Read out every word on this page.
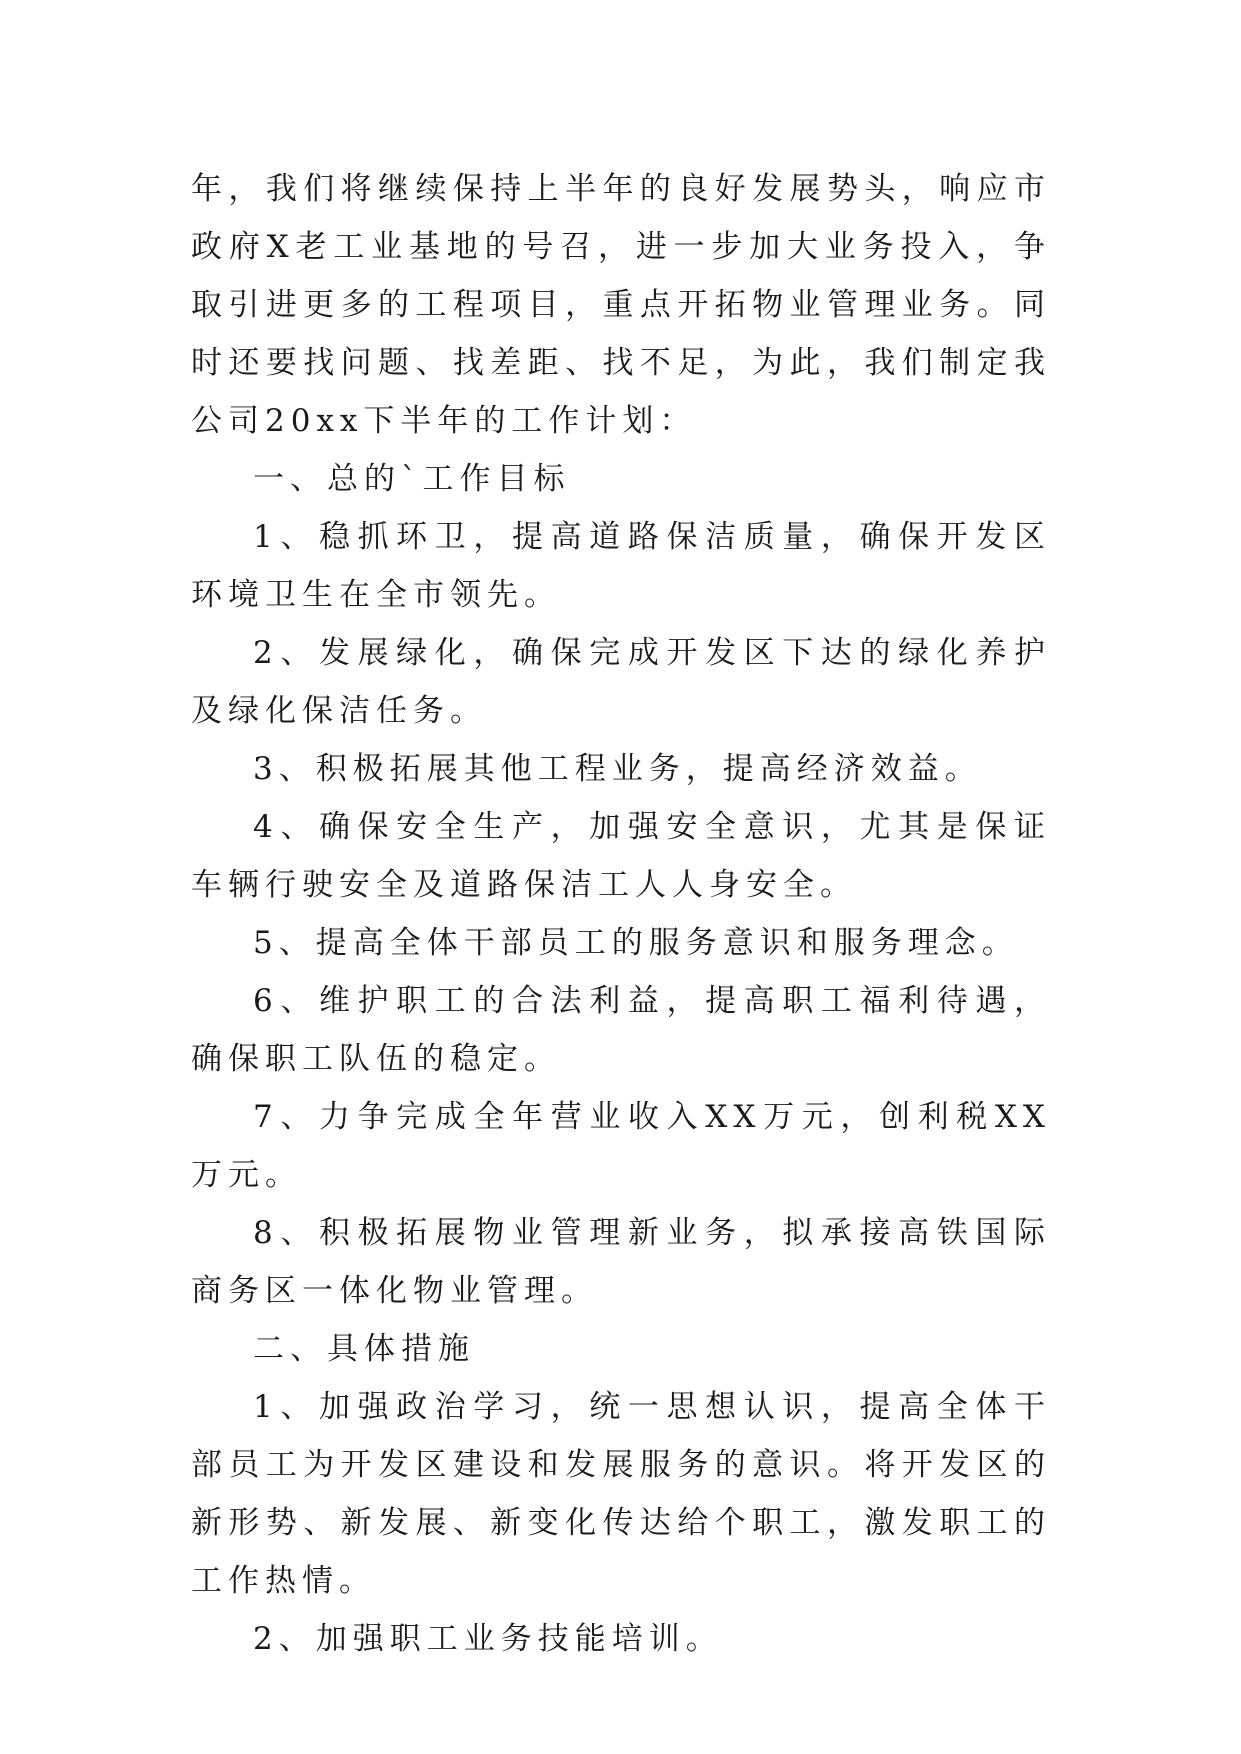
年，我们将继续保持上半年的良好发展势头，响应市政府X老工业基地的号召，进一步加大业务投入，争取引进更多的工程项目，重点开拓物业管理业务。同时还要找问题、找差距、找不足，为此，我们制定我公司20xx下半年的工作计划：

一、总的`工作目标

1、稳抓环卫，提高道路保洁质量，确保开发区环境卫生在全市领先。

2、发展绿化，确保完成开发区下达的绿化养护及绿化保洁任务。

3、积极拓展其他工程业务，提高经济效益。

4、确保安全生产，加强安全意识，尤其是保证车辆行驶安全及道路保洁工人人身安全。

5、提高全体干部员工的服务意识和服务理念。

6、维护职工的合法利益，提高职工福利待遇，确保职工队伍的稳定。

7、力争完成全年营业收入XX万元，创利税XX万元。

8、积极拓展物业管理新业务，拟承接高铁国际商务区一体化物业管理。

二、具体措施

1、加强政治学习，统一思想认识，提高全体干部员工为开发区建设和发展服务的意识。将开发区的新形势、新发展、新变化传达给个职工，激发职工的工作热情。

2、加强职工业务技能培训。
